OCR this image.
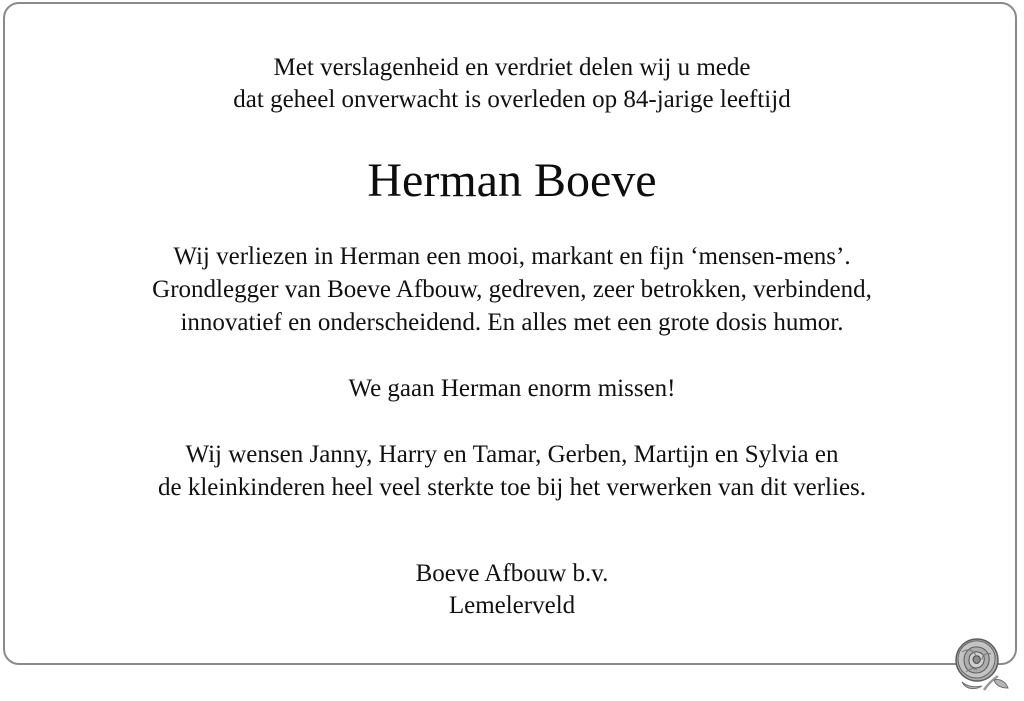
Met verslagenheid en verdriet delen wij u mede
dat geheel onverwacht is overleden op 84-jarige leeftijd
Herman Boeve
Wij verliezen in Herman een mooi, markant en fijn ‘mensen-mens’.
Grondlegger van Boeve Afbouw, gedreven, zeer betrokken, verbindend,
innovatief en onderscheidend. En alles met een grote dosis humor.
We gaan Herman enorm missen!
Wij wensen Janny, Harry en Tamar, Gerben, Martijn en Sylvia en
de kleinkinderen heel veel sterkte toe bij het verwerken van dit verlies.
Boeve Afbouw b.v.
Lemelerveld
